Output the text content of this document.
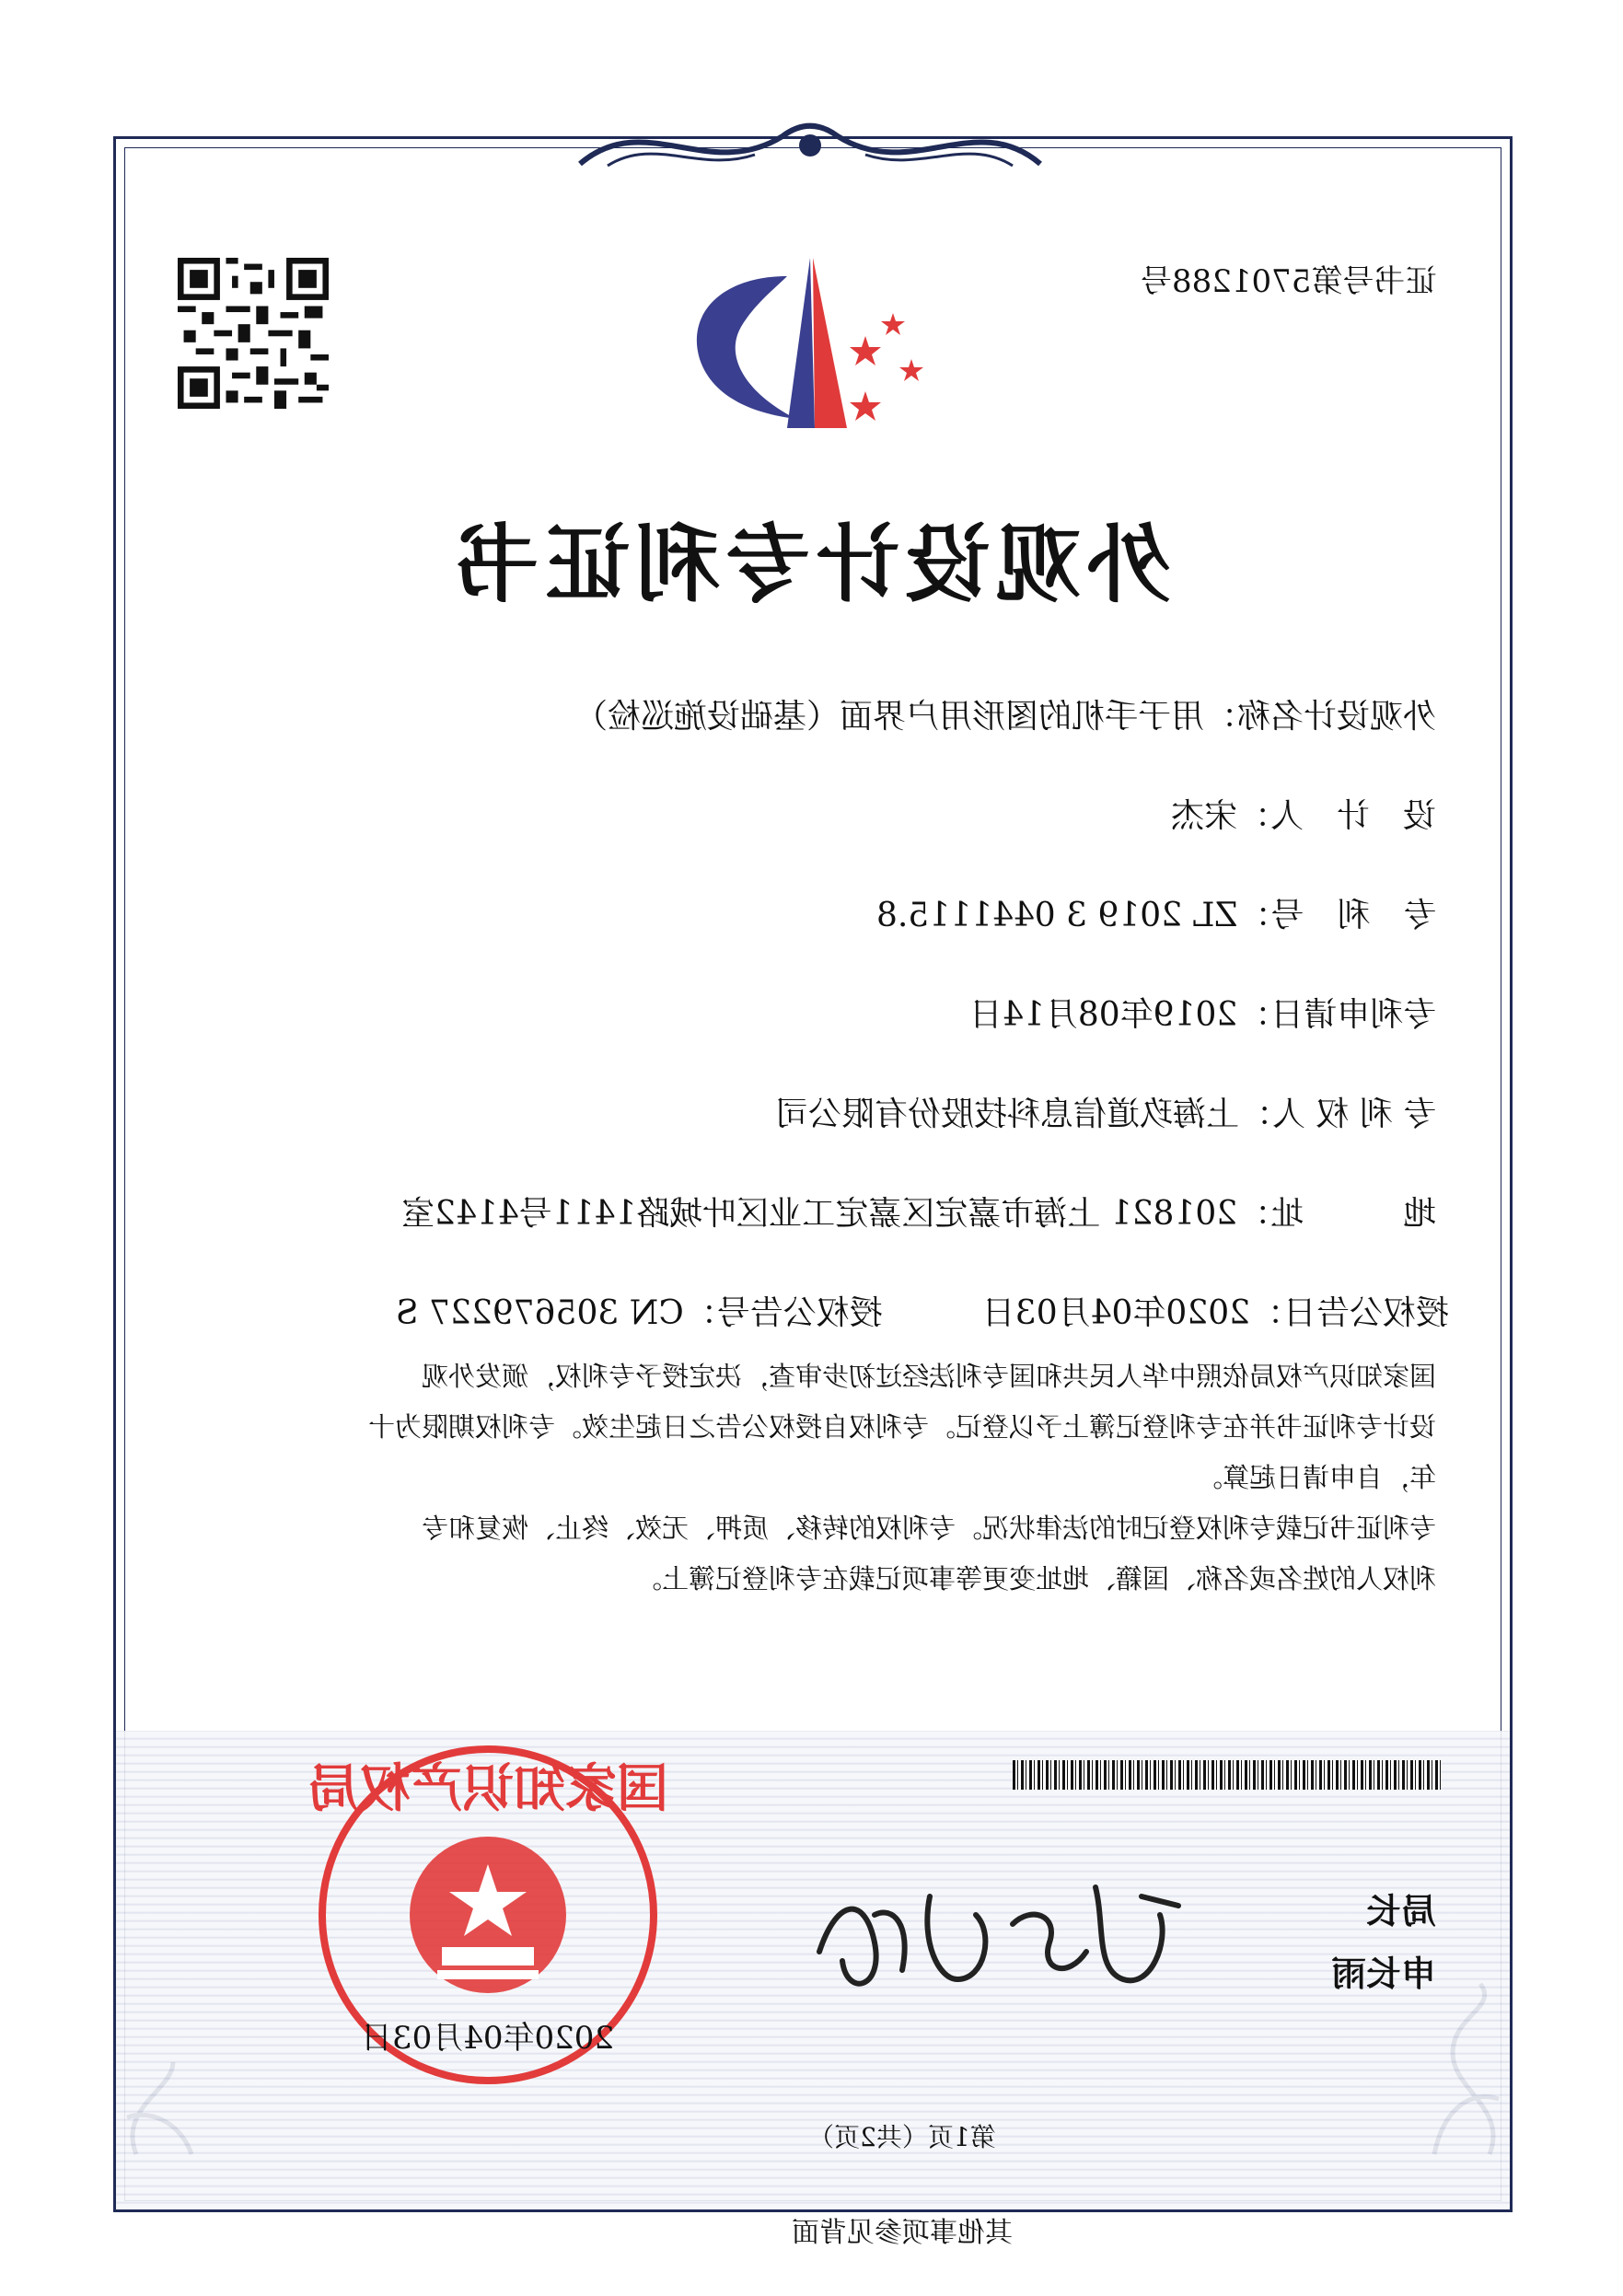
证书号第5701288号
外观设计专利证书
外观设计名称：用于手机的图形用户界面（基础设施巡检）
设　计　人：宋杰
专　利　号：ZL 2019 3 0441115.8
专利申请日：2019年08月14日
专 利 权 人：上海玖道信息科技股份有限公司
地　　　址：201821 上海市嘉定区嘉定工业区叶城路1411号4142室
授权公告日：2020年04月03日　　　授权公告号：CN 305679227 S
国家知识产权局依照中华人民共和国专利法经过初步审查，决定授予专利权，颁发外观
设计专利证书并在专利登记簿上予以登记。专利权自授权公告之日起生效。专利权期限为十
年，自申请日起算。
专利证书记载专利权登记时的法律状况。专利权的转移、质押、无效、终止、恢复和专
利权人的姓名或名称、国籍、地址变更等事项记载在专利登记簿上。
国家知识产权局
2020年04月03日
局长
申长雨
第1页（共2页）
其他事项参见背面
